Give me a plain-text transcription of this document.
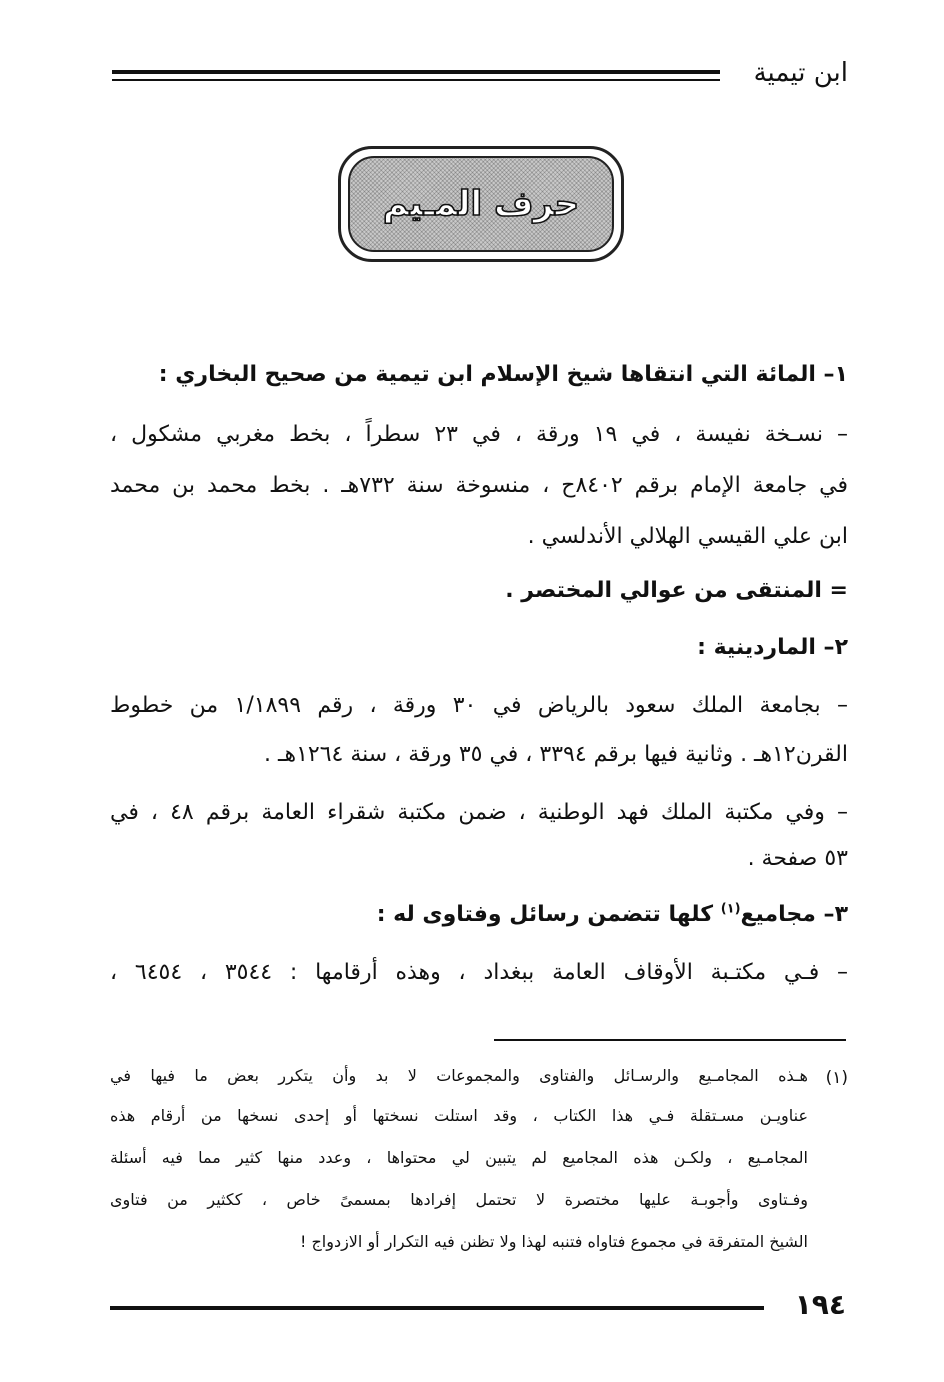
ابن تيمية
حرف المـيم
١– المائة التي انتقاها شيخ الإسلام ابن تيمية من صحيح البخاري :
– نسـخة نفيسة ، في ١٩ ورقة ، في ٢٣ سطراً ، بخط مغربي مشكول ،
في جامعة الإمام برقم ٨٤٠٢ح ، منسوخة سنة ٧٣٢هـ . بخط محمد بن محمد
ابن علي القيسي الهلالي الأندلسي .
= المنتقى من عوالي المختصر .
٢– الماردينية :
– بجامعة الملك سعود بالرياض في ٣٠ ورقة ، رقم ١/١٨٩٩ من خطوط
القرن١٢هـ . وثانية فيها برقم ٣٣٩٤ ، في ٣٥ ورقة ، سنة ١٢٦٤هـ .
– وفي مكتبة الملك فهد الوطنية ، ضمن مكتبة شقراء العامة برقم ٤٨ ، في
٥٣ صفحة .
٣– مجاميع$^{(١)}$ كلها تتضمن رسائل وفتاوى له :
– فـي مكتـبة الأوقاف العامة ببغداد ، وهذه أرقامها : ٣٥٤٤ ، ٦٤٥٤ ،
(١)
هـذه المجامـيع والرسـائل والفتاوى والمجموعات لا بد وأن يتكرر بعض ما فيها في
عناويـن مسـتقلة فـي هذا الكتاب ، وقد استلت نسختها أو إحدى نسخها من أرقام هذه
المجامـيع ، ولكـن هذه المجاميع لم يتبين لي محتواها ، وعدد منها كثير مما فيه أسئلة
وفـتاوى وأجوبـة عليها مختصرة لا تحتمل إفرادها بمسمىً خاص ، ككثير من فتاوى
الشيخ المتفرقة في مجموع فتاواه فتنبه لهذا ولا تظنن فيه التكرار أو الازدواج !
١٩٤
